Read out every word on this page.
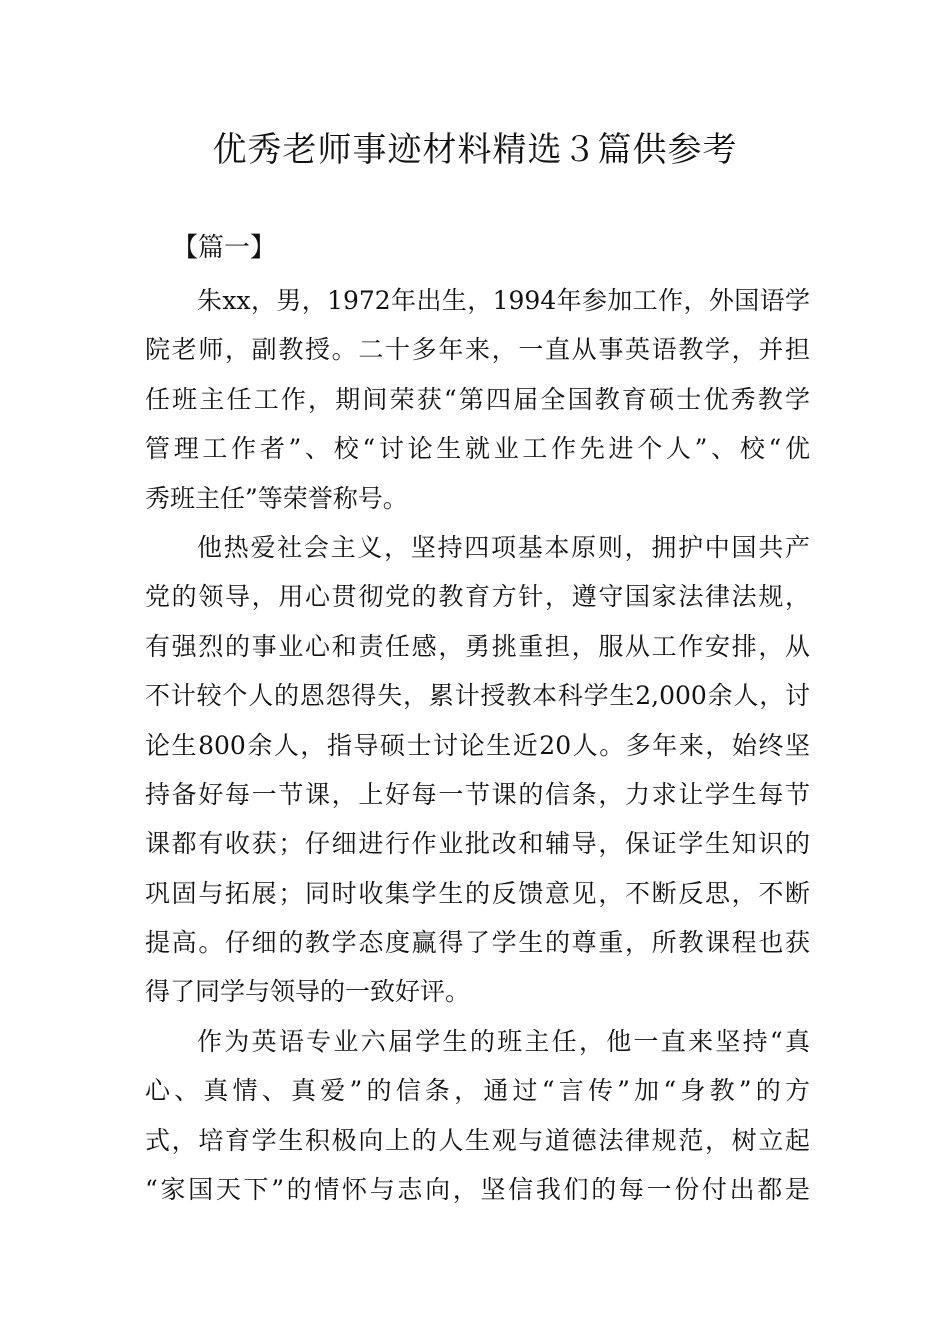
优秀老师事迹材料精选３篇供参考
【篇一】
朱xx，男，1972年出生，1994年参加工作，外国语学
院老师，副教授。二十多年来，一直从事英语教学，并担
任班主任工作，期间荣获“第四届全国教育硕士优秀教学
管理工作者”、校“讨论生就业工作先进个人”、校“优
秀班主任”等荣誉称号。
他热爱社会主义，坚持四项基本原则，拥护中国共产
党的领导，用心贯彻党的教育方针，遵守国家法律法规，
有强烈的事业心和责任感，勇挑重担，服从工作安排，从
不计较个人的恩怨得失，累计授教本科学生2,000余人，讨
论生800余人，指导硕士讨论生近20人。多年来，始终坚
持备好每一节课，上好每一节课的信条，力求让学生每节
课都有收获；仔细进行作业批改和辅导，保证学生知识的
巩固与拓展；同时收集学生的反馈意见，不断反思，不断
提高。仔细的教学态度赢得了学生的尊重，所教课程也获
得了同学与领导的一致好评。
作为英语专业六届学生的班主任，他一直来坚持“真
心、真情、真爱”的信条，通过“言传”加“身教”的方
式，培育学生积极向上的人生观与道德法律规范，树立起
“家国天下”的情怀与志向，坚信我们的每一份付出都是
